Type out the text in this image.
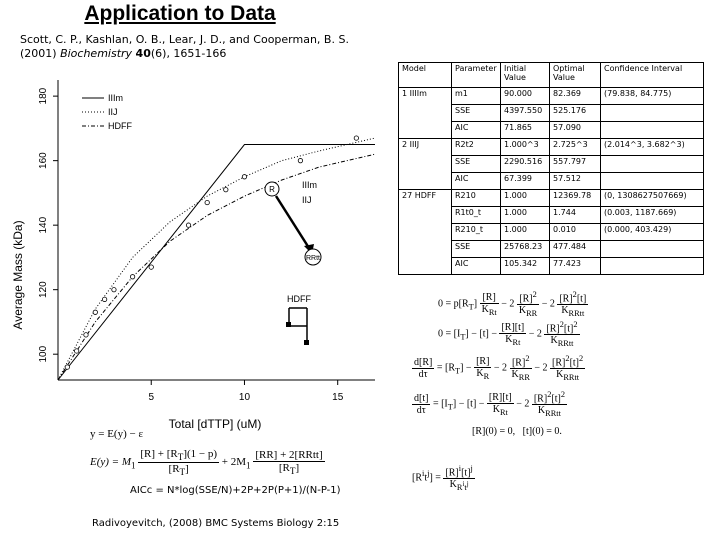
Application to Data
Scott, C. P., Kashlan, O. B., Lear, J. D., and Cooperman, B. S.
(2001) Biochemistry 40(6), 1651-166
100
120
140
160
180
5	10	15
IIIm
IIJ
HDFF
R	IIIm
IIJ
RRtt
HDFF
Total [dTTP] (uM)
Average Mass (kDa)
Model	Parameter	Initial Value	Optimal Value	Confidence Interval
1 IIIIm	m1	90.000	82.369	(79.838, 84.775)
	SSE	4397.550	525.176	
	AIC	71.865	57.090	
2 IIIJ	R2t2	1.000^3	2.725^3	(2.014^3, 3.682^3)
	SSE	2290.516	557.797	
	AIC	67.399	57.512	
27 HDFF	R210	1.000	12369.78	(0, 1308627507669)
	R1t0_t	1.000	1.744	(0.003, 1187.669)
	R210_t	1.000	0.010	(0.000, 403.429)
	SSE	25768.23	477.484	
	AIC	105.342	77.423	
y = E(y) − ε
$E(y) = M_1 \frac{[R] + [R_T](1 - p)}{[R_T]} + 2M_1 \frac{\text{[RR] + 2[RRtt]}}{[R_T]}$
AICc = N*log(SSE/N)+2P+2P(P+1)/(N-P-1)
Radivoyevitch, (2008) BMC Systems Biology 2:15
$0 = p[R_T] \frac{[R]}{K_{Rt}} - 2 \frac{[R]^2}{K_{RR}} - 2 \frac{[R]^2[t]}{K_{RRtt}}$
$0 = [I_T] - [t] - \frac{[R][t]}{K_{Rt}} - 2 \frac{[R]^2[t]^2}{K_{RRtt}}$
$\frac{d[R]}{d\tau} = [R_T] - \frac{[R]}{K_R} - 2 \frac{[R]^2}{K_{RR}} - 2 \frac{[R]^2[t]^2}{K_{RRtt}}$
$\frac{d[t]}{d\tau} = [I_T] - [t] - \frac{[R][t]}{K_{Rt}} - 2 \frac{[R]^2[t]^2}{K_{RRtt}}$
[R](0) = 0,   [t](0) = 0.
$[R^it^j] = \frac{[R]^i[t]^j}{K_{R^it^j}}$
